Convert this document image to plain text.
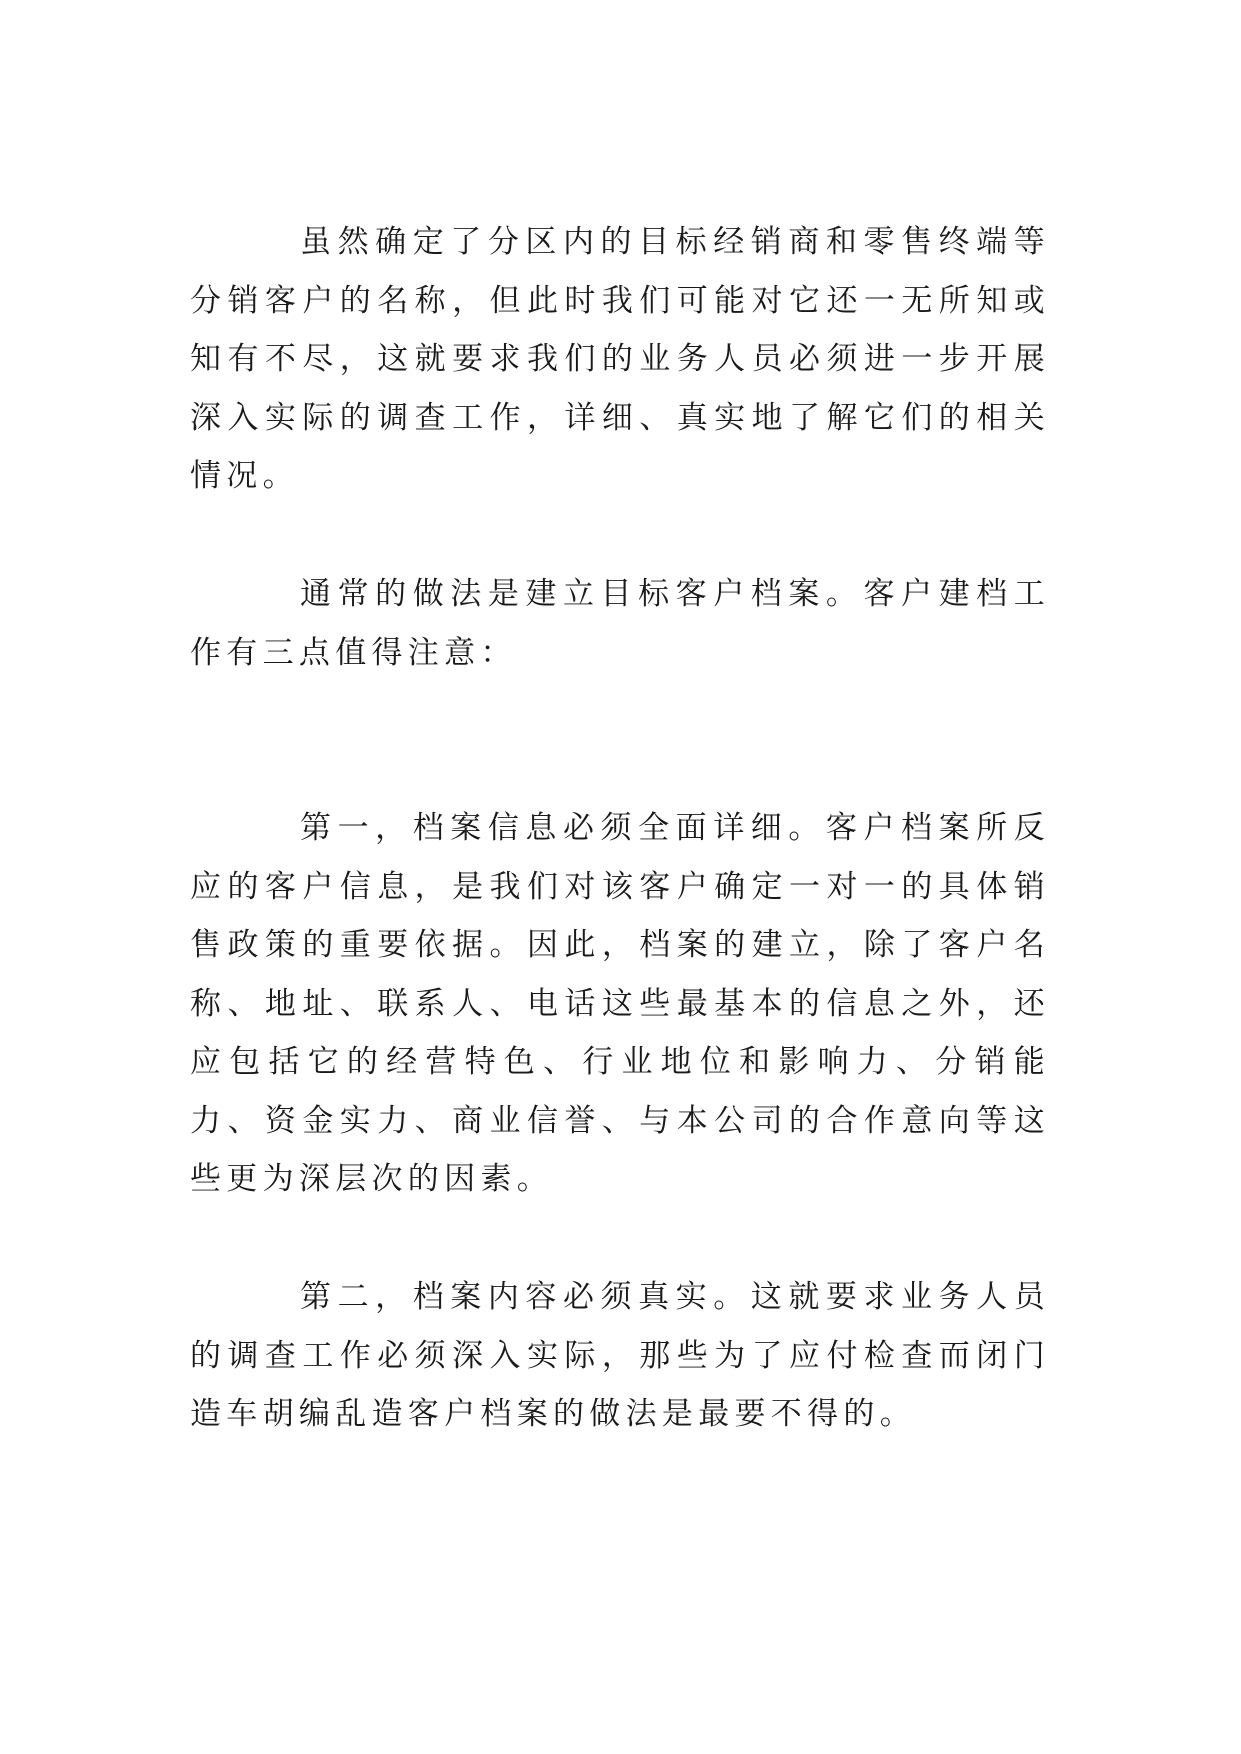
虽然确定了分区内的目标经销商和零售终端等分销客户的名称，但此时我们可能对它还一无所知或知有不尽，这就要求我们的业务人员必须进一步开展深入实际的调查工作，详细、真实地了解它们的相关情况。

通常的做法是建立目标客户档案。客户建档工作有三点值得注意：

第一，档案信息必须全面详细。客户档案所反应的客户信息，是我们对该客户确定一对一的具体销售政策的重要依据。因此，档案的建立，除了客户名称、地址、联系人、电话这些最基本的信息之外，还应包括它的经营特色、行业地位和影响力、分销能力、资金实力、商业信誉、与本公司的合作意向等这些更为深层次的因素。

第二，档案内容必须真实。这就要求业务人员的调查工作必须深入实际，那些为了应付检查而闭门造车胡编乱造客户档案的做法是最要不得的。
